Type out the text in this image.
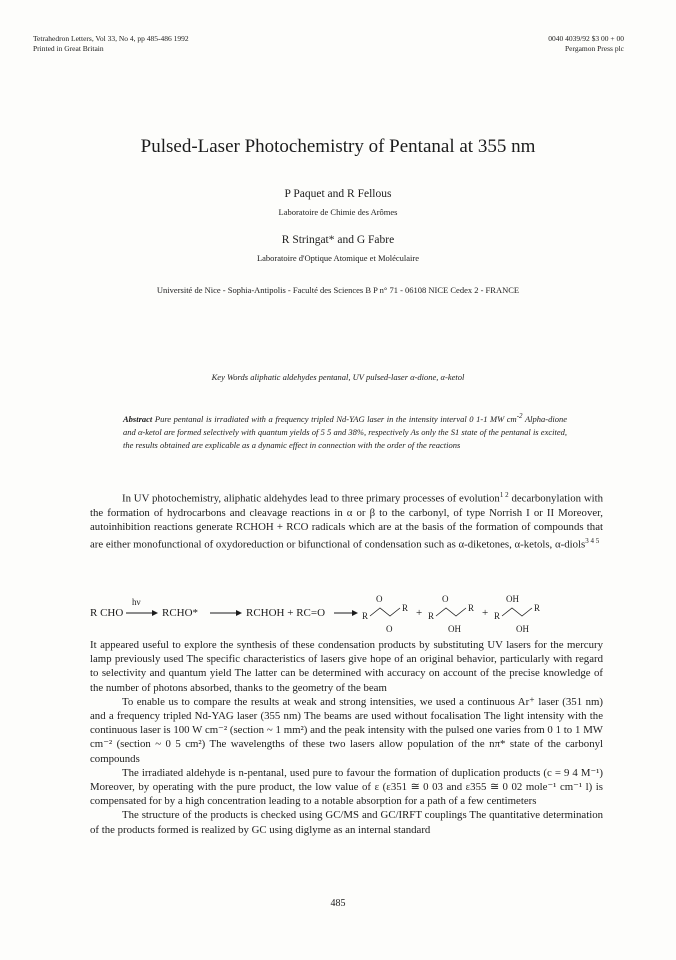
Tetrahedron Letters, Vol 33, No 4, pp 485-486 1992
Printed in Great Britain
0040 4039/92 $3 00 + 00
Pergamon Press plc
Pulsed-Laser Photochemistry of Pentanal at 355 nm
P Paquet and R Fellous
Laboratoire de Chimie des Arômes
R Stringat* and G Fabre
Laboratoire d'Optique Atomique et Moléculaire
Université de Nice - Sophia-Antipolis - Faculté des Sciences B P n° 71 - 06108 NICE Cedex 2 - FRANCE
Key Words aliphatic aldehydes pentanal, UV pulsed-laser α-dione, α-ketol
Abstract Pure pentanal is irradiated with a frequency tripled Nd-YAG laser in the intensity interval 0 1-1 MW $cm^{-2}$ Alpha-dione and α-ketol are formed selectively with quantum yields of 5 5 and 38%, respectively As only the S1 state of the pentanal is excited, the results obtained are explicable as a dynamic effect in connection with the order of the reactions

In UV photochemistry, aliphatic aldehydes lead to three primary processes of evolution$^{1 2}$ decarbonylation with the formation of hydrocarbons and cleavage reactions in α or β to the carbonyl, of type Norrish I or II Moreover, autoinhibition reactions generate RCHOH + RCO radicals which are at the basis of the formation of compounds that are either monofunctional of oxydoreduction or bifunctional of condensation such as α-diketones, α-ketols, α-diols$^{3 4 5}$

R CHO
hν
RCHO*	RCHOH + RC=O	R
O
O
R + R
O
OH
R + R
OH
OH
R

It appeared useful to explore the synthesis of these condensation products by substituting UV lasers for the mercury lamp previously used The specific characteristics of lasers give hope of an original behavior, particularly with regard to selectivity and quantum yield The latter can be determined with accuracy on account of the precise knowledge of the number of photons absorbed, thanks to the geometry of the beam

To enable us to compare the results at weak and strong intensities, we used a continuous Ar⁺ laser (351 nm) and a frequency tripled Nd-YAG laser (355 nm) The beams are used without focalisation The light intensity with the continuous laser is 100 W cm⁻² (section ~ 1 mm²) and the peak intensity with the pulsed one varies from 0 1 to 1 MW cm⁻² (section ~ 0 5 cm²) The wavelengths of these two lasers allow population of the nπ* state of the carbonyl compounds

The irradiated aldehyde is n-pentanal, used pure to favour the formation of duplication products (c = 9 4 M⁻¹) Moreover, by operating with the pure product, the low value of ε (ε351 ≅ 0 03 and ε355 ≅ 0 02 mole⁻¹ cm⁻¹ l) is compensated for by a high concentration leading to a notable absorption for a path of a few centimeters

The structure of the products is checked using GC/MS and GC/IRFT couplings The quantitative determination of the products formed is realized by GC using diglyme as an internal standard

485
